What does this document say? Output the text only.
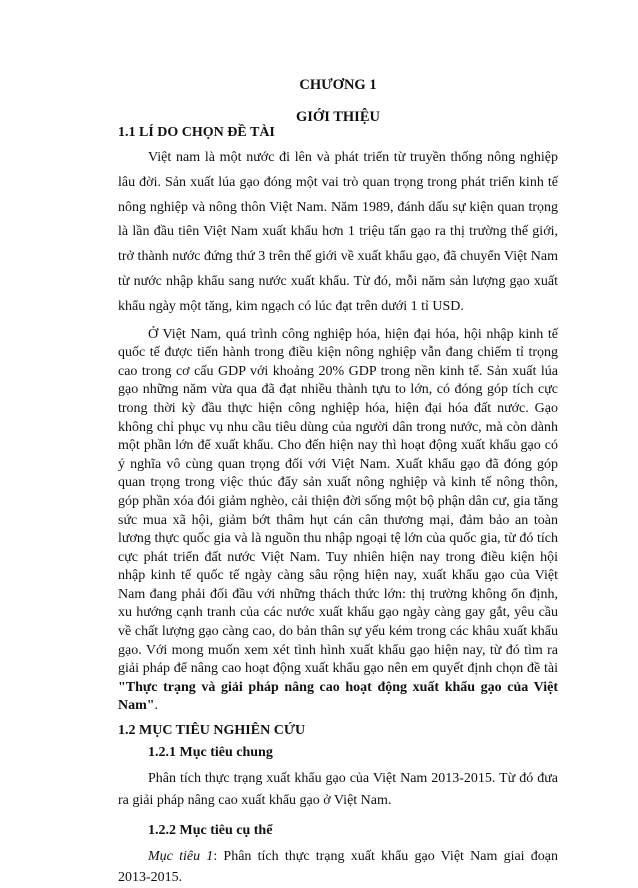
CHƯƠNG 1
GIỚI THIỆU
1.1 LÍ DO CHỌN ĐỀ TÀI

Việt nam là một nước đi lên và phát triển từ truyền thống nông nghiệp lâu đời. Sản xuất lúa gạo đóng một vai trò quan trọng trong phát triển kinh tế nông nghiệp và nông thôn Việt Nam. Năm 1989, đánh dấu sự kiện quan trọng là lần đầu tiên Việt Nam xuất khẩu hơn 1 triệu tấn gạo ra thị trường thế giới, trở thành nước đứng thứ 3 trên thế giới về xuất khẩu gạo, đã chuyển Việt Nam từ nước nhập khẩu sang nước xuất khẩu. Từ đó, mỗi năm sản lượng gạo xuất khẩu ngày một tăng, kim ngạch có lúc đạt trên dưới 1 tỉ USD.

Ở Việt Nam, quá trình công nghiệp hóa, hiện đại hóa, hội nhập kinh tế quốc tế được tiến hành trong điều kiện nông nghiệp vẫn đang chiếm tỉ trọng cao trong cơ cấu GDP với khoảng 20% GDP trong nền kinh tế. Sản xuất lúa gạo những năm vừa qua đã đạt nhiều thành tựu to lớn, có đóng góp tích cực trong thời kỳ đầu thực hiện công nghiệp hóa, hiện đại hóa đất nước. Gạo không chỉ phục vụ nhu cầu tiêu dùng của người dân trong nước, mà còn dành một phần lớn để xuất khẩu. Cho đến hiện nay thì hoạt động xuất khẩu gạo có ý nghĩa vô cùng quan trọng đối với Việt Nam. Xuất khẩu gạo đã đóng góp quan trọng trong việc thúc đẩy sản xuất nông nghiệp và kinh tế nông thôn, góp phần xóa đói giảm nghèo, cải thiện đời sống một bộ phận dân cư, gia tăng sức mua xã hội, giảm bớt thâm hụt cán cân thương mại, đảm bảo an toàn lương thực quốc gia và là nguồn thu nhập ngoại tệ lớn của quốc gia, từ đó tích cực phát triển đất nước Việt Nam. Tuy nhiên hiện nay trong điều kiện hội nhập kinh tế quốc tế ngày càng sâu rộng hiện nay, xuất khẩu gạo của Việt Nam đang phải đối đầu với những thách thức lớn: thị trường không ổn định, xu hướng cạnh tranh của các nước xuất khẩu gạo ngày càng gay gắt, yêu cầu về chất lượng gạo càng cao, do bản thân sự yếu kém trong các khâu xuất khẩu gạo. Với mong muốn xem xét tình hình xuất khẩu gạo hiện nay, từ đó tìm ra giải pháp để nâng cao hoạt động xuất khẩu gạo nên em quyết định chọn đề tài "Thực trạng và giải pháp nâng cao hoạt động xuất khẩu gạo của Việt Nam".

1.2 MỤC TIÊU NGHIÊN CỨU
1.2.1 Mục tiêu chung

Phân tích thực trạng xuất khẩu gạo của Việt Nam 2013-2015. Từ đó đưa ra giải pháp nâng cao xuất khẩu gạo ở Việt Nam.

1.2.2 Mục tiêu cụ thể

Mục tiêu 1: Phân tích thực trạng xuất khẩu gạo Việt Nam giai đoạn 2013-2015.
